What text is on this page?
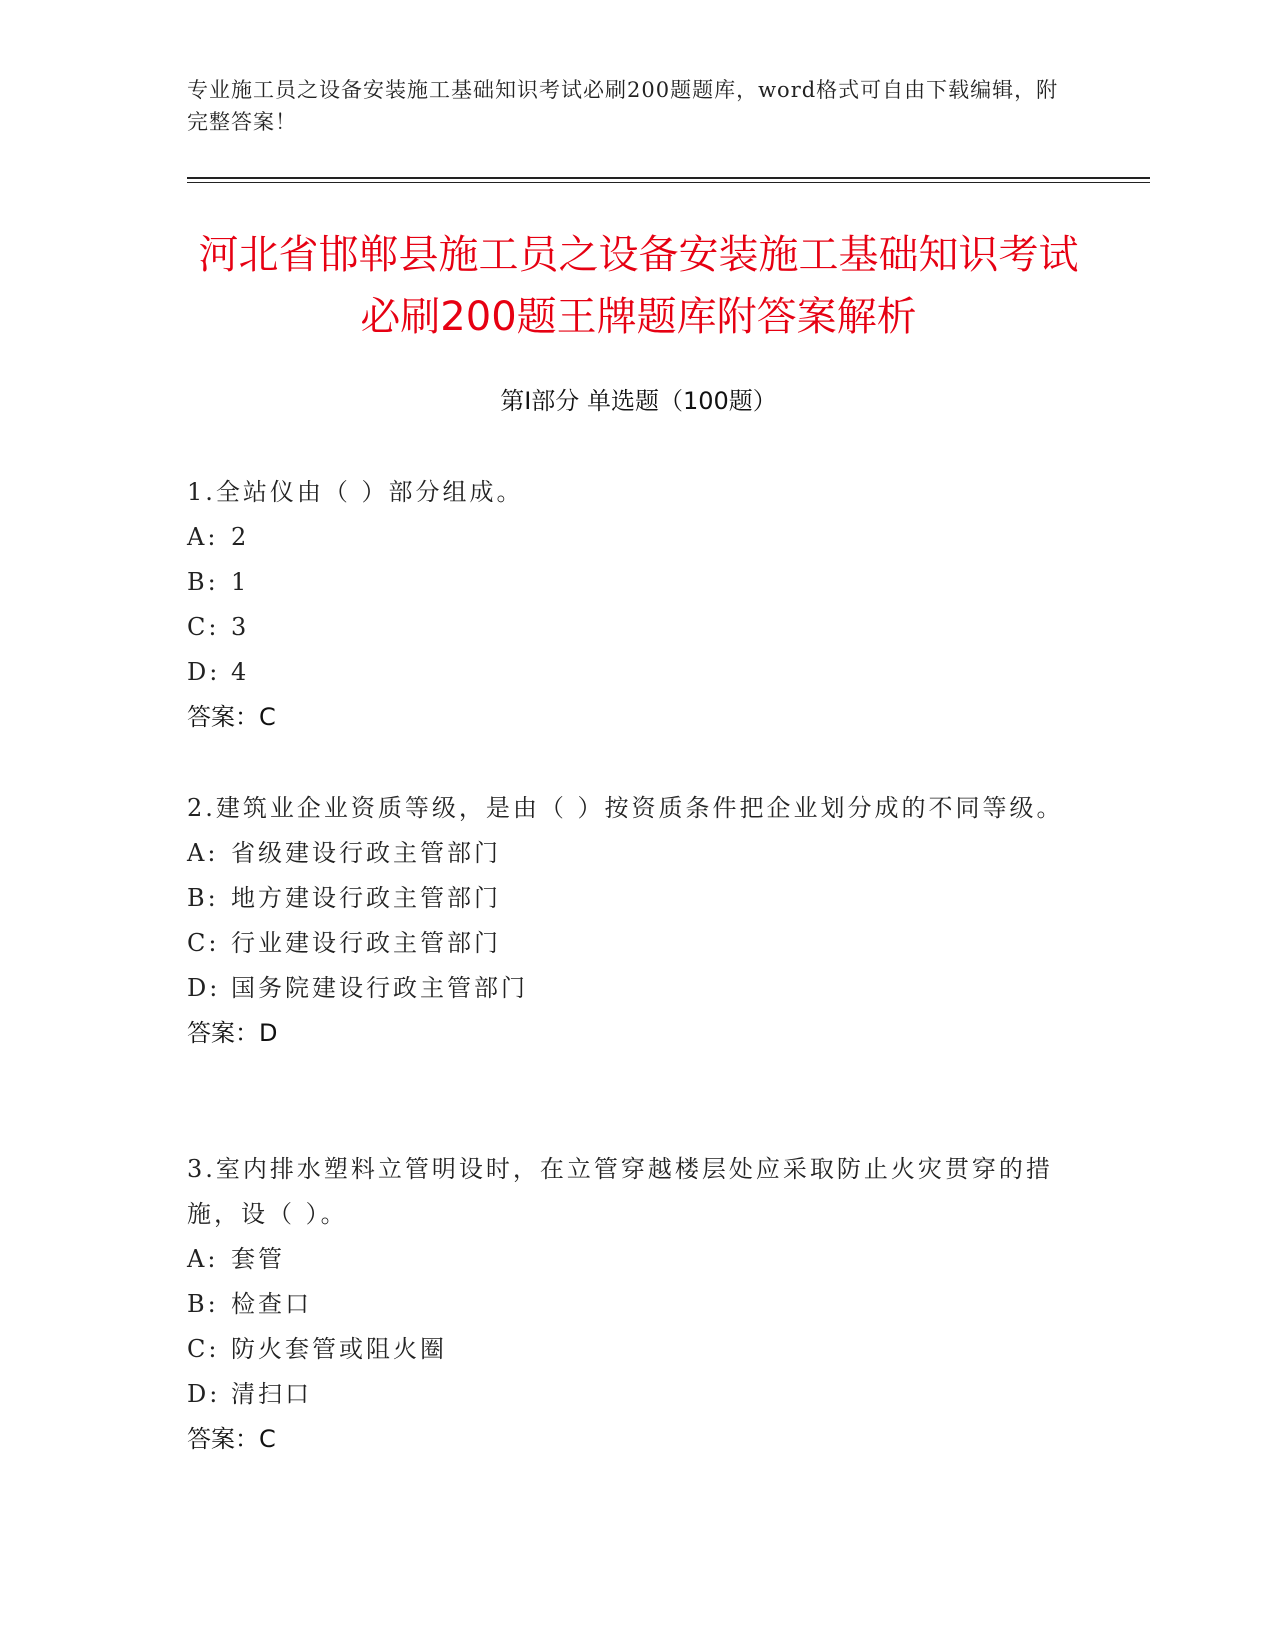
专业施工员之设备安装施工基础知识考试必刷200题题库，word格式可自由下载编辑，附完整答案！
河北省邯郸县施工员之设备安装施工基础知识考试必刷200题王牌题库附答案解析
第Ⅰ部分 单选题（100题）

1.全站仪由（ ）部分组成。

A: 2

B: 1

C: 3

D: 4

答案：C

2.建筑业企业资质等级，是由（ ）按资质条件把企业划分成的不同等级。

A: 省级建设行政主管部门

B: 地方建设行政主管部门

C: 行业建设行政主管部门

D: 国务院建设行政主管部门

答案：D

3.室内排水塑料立管明设时，在立管穿越楼层处应采取防止火灾贯穿的措施，设（ ）。

A: 套管

B: 检查口

C: 防火套管或阻火圈

D: 清扫口

答案：C
